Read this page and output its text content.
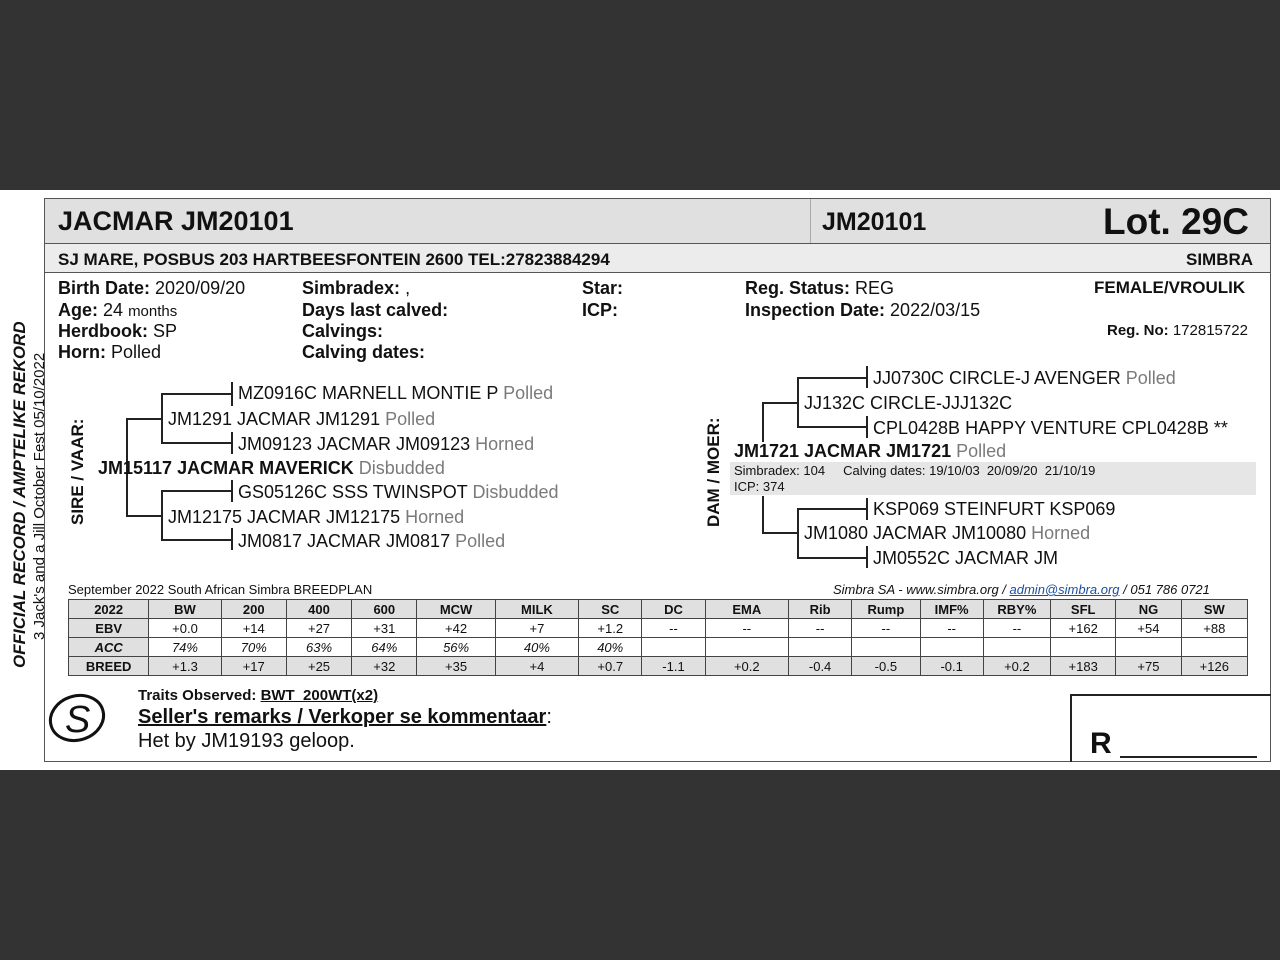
OFFICIAL RECORD / AMPTELIKE REKORD 3 Jack's and a Jill October Fest 05/10/2022
JACMAR JM20101	JM20101	Lot. 29C
SJ MARE, POSBUS 203 HARTBEESFONTEIN 2600 TEL:27823884294	SIMBRA
Birth Date: 2020/09/20
Age: 24 months
Herdbook: SP
Horn: Polled
Simbradex: ,
Days last calved:
Calvings:
Calving dates:
Star:
ICP:
Reg. Status: REG
Inspection Date: 2022/03/15
FEMALE/VROULIK
Reg. No: 172815722
SIRE / VAAR:
MZ0916C MARNELL MONTIE P Polled
JM1291 JACMAR JM1291 Polled
JM09123 JACMAR JM09123 Horned
JM15117 JACMAR MAVERICK Disbudded
GS05126C SSS TWINSPOT Disbudded
JM12175 JACMAR JM12175 Horned
JM0817 JACMAR JM0817 Polled
DAM / MOER:
JJ0730C CIRCLE-J AVENGER Polled
JJ132C CIRCLE-JJJ132C
CPL0428B HAPPY VENTURE CPL0428B **
JM1721 JACMAR JM1721 Polled
Simbradex: 104     Calving dates: 19/10/03  20/09/20  21/10/19
ICP: 374
KSP069 STEINFURT KSP069
JM1080 JACMAR JM10080 Horned
JM0552C JACMAR JM
September 2022 South African Simbra BREEDPLAN	Simbra SA - www.simbra.org / admin@simbra.org / 051 786 0721
2022	BW	200	400	600	MCW	MILK	SC	DC	EMA	Rib	Rump	IMF%	RBY%	SFL	NG	SW
EBV	+0.0	+14	+27	+31	+42	+7	+1.2	--	--	--	--	--	--	+162	+54	+88
ACC	74%	70%	63%	64%	56%	40%	40%									
BREED	+1.3	+17	+25	+32	+35	+4	+0.7	-1.1	+0.2	-0.4	-0.5	-0.1	+0.2	+183	+75	+126
S
Traits Observed: BWT  200WT(x2)
Seller's remarks / Verkoper se kommentaar:
Het by JM19193 geloop.	R
